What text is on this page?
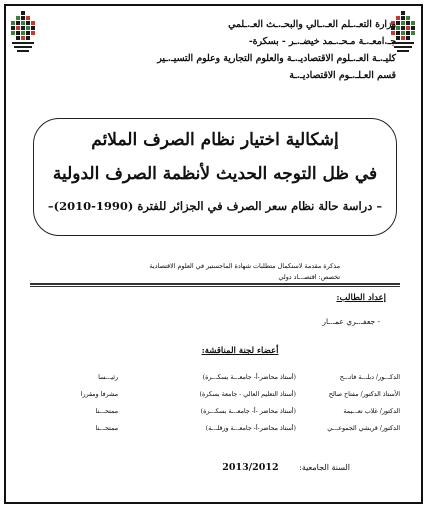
وزارة التعـ.ـلم العـ.ـالي والبحـ.ـث العـ.ـلمي
جـ.امعـ.ـة مـحـ.ـمد خيضـ.ـر - بسكرة-
كليـ.ـة العـ.ـلوم الاقتصاديـ.ـة والعلوم التجارية وعلوم التسيـ.ـير
قسم العـلـ.ـوم الاقتصاديـ.ـة
إشكالية اختيار نظام الصرف الملائم
في ظل التوجه الحديث لأنظمة الصرف الدولية
– دراسة حالة نظام سعر الصرف في الجزائر للفترة (1990-2010)–
مذكرة مقدمة لاستكمال متطلبات شهادة الماجستير في العلوم الاقتصادية
تخصص: اقتصـ.ـاد دولي
إعداد الطالب:
- جعفـ.ـري عمـ.ـار
أعضاء لجنة المناقشة:
الدكـ.ـور/ دبلـ.ـة فاتـ.ـح
(أستاذ محاضر-أ- جامعـ.ـة بسكـ.ـرة)
رئيـ.ـسا
الأستاذ الدكتور/ مفتاح صالح
(أستاذ التعليم العالي - جامعة بسكرة)
مشرفا ومقررا
الدكتور/ غلاب نعـ.ـيمة
(أستاذ محاضر -أ- جامعـ.ـة بسكـ.ـرة)
ممتحـ.ـنا
الدكتور/ قريشي الجموعـ.ـي
(أستاذ محاضر-أ- جامعـ.ـة ورقلـ.ـة)
ممتحـ.ـنا
السنة الجامعية: 2013/2012
